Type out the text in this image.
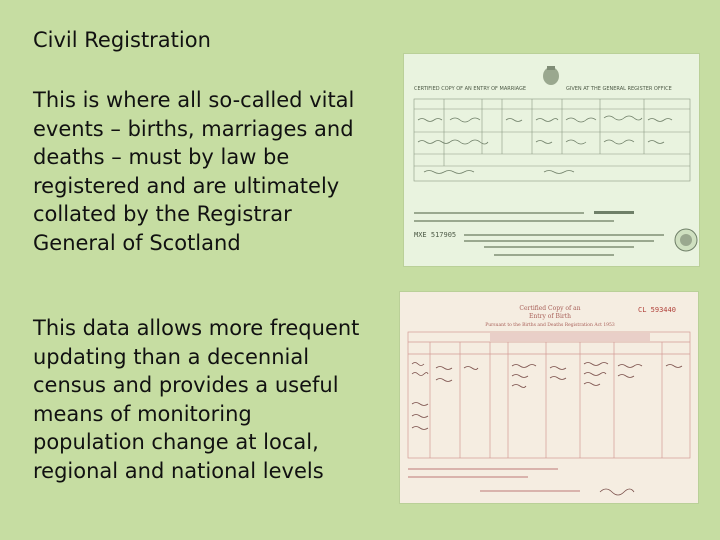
Civil Registration

This is where all so-called vital events – births, marriages and deaths – must by law be registered and are ultimately collated by the Registrar General of Scotland

This data allows more frequent updating than a decennial census and provides a useful means of monitoring population change at local, regional and national levels

CERTIFIED COPY OF AN ENTRY OF MARRIAGE	GIVEN AT THE GENERAL REGISTER OFFICE
MXE 517905
Certified Copy of an
Entry of Birth
Pursuant to the Births and Deaths Registration Act 1953
CL 593440
